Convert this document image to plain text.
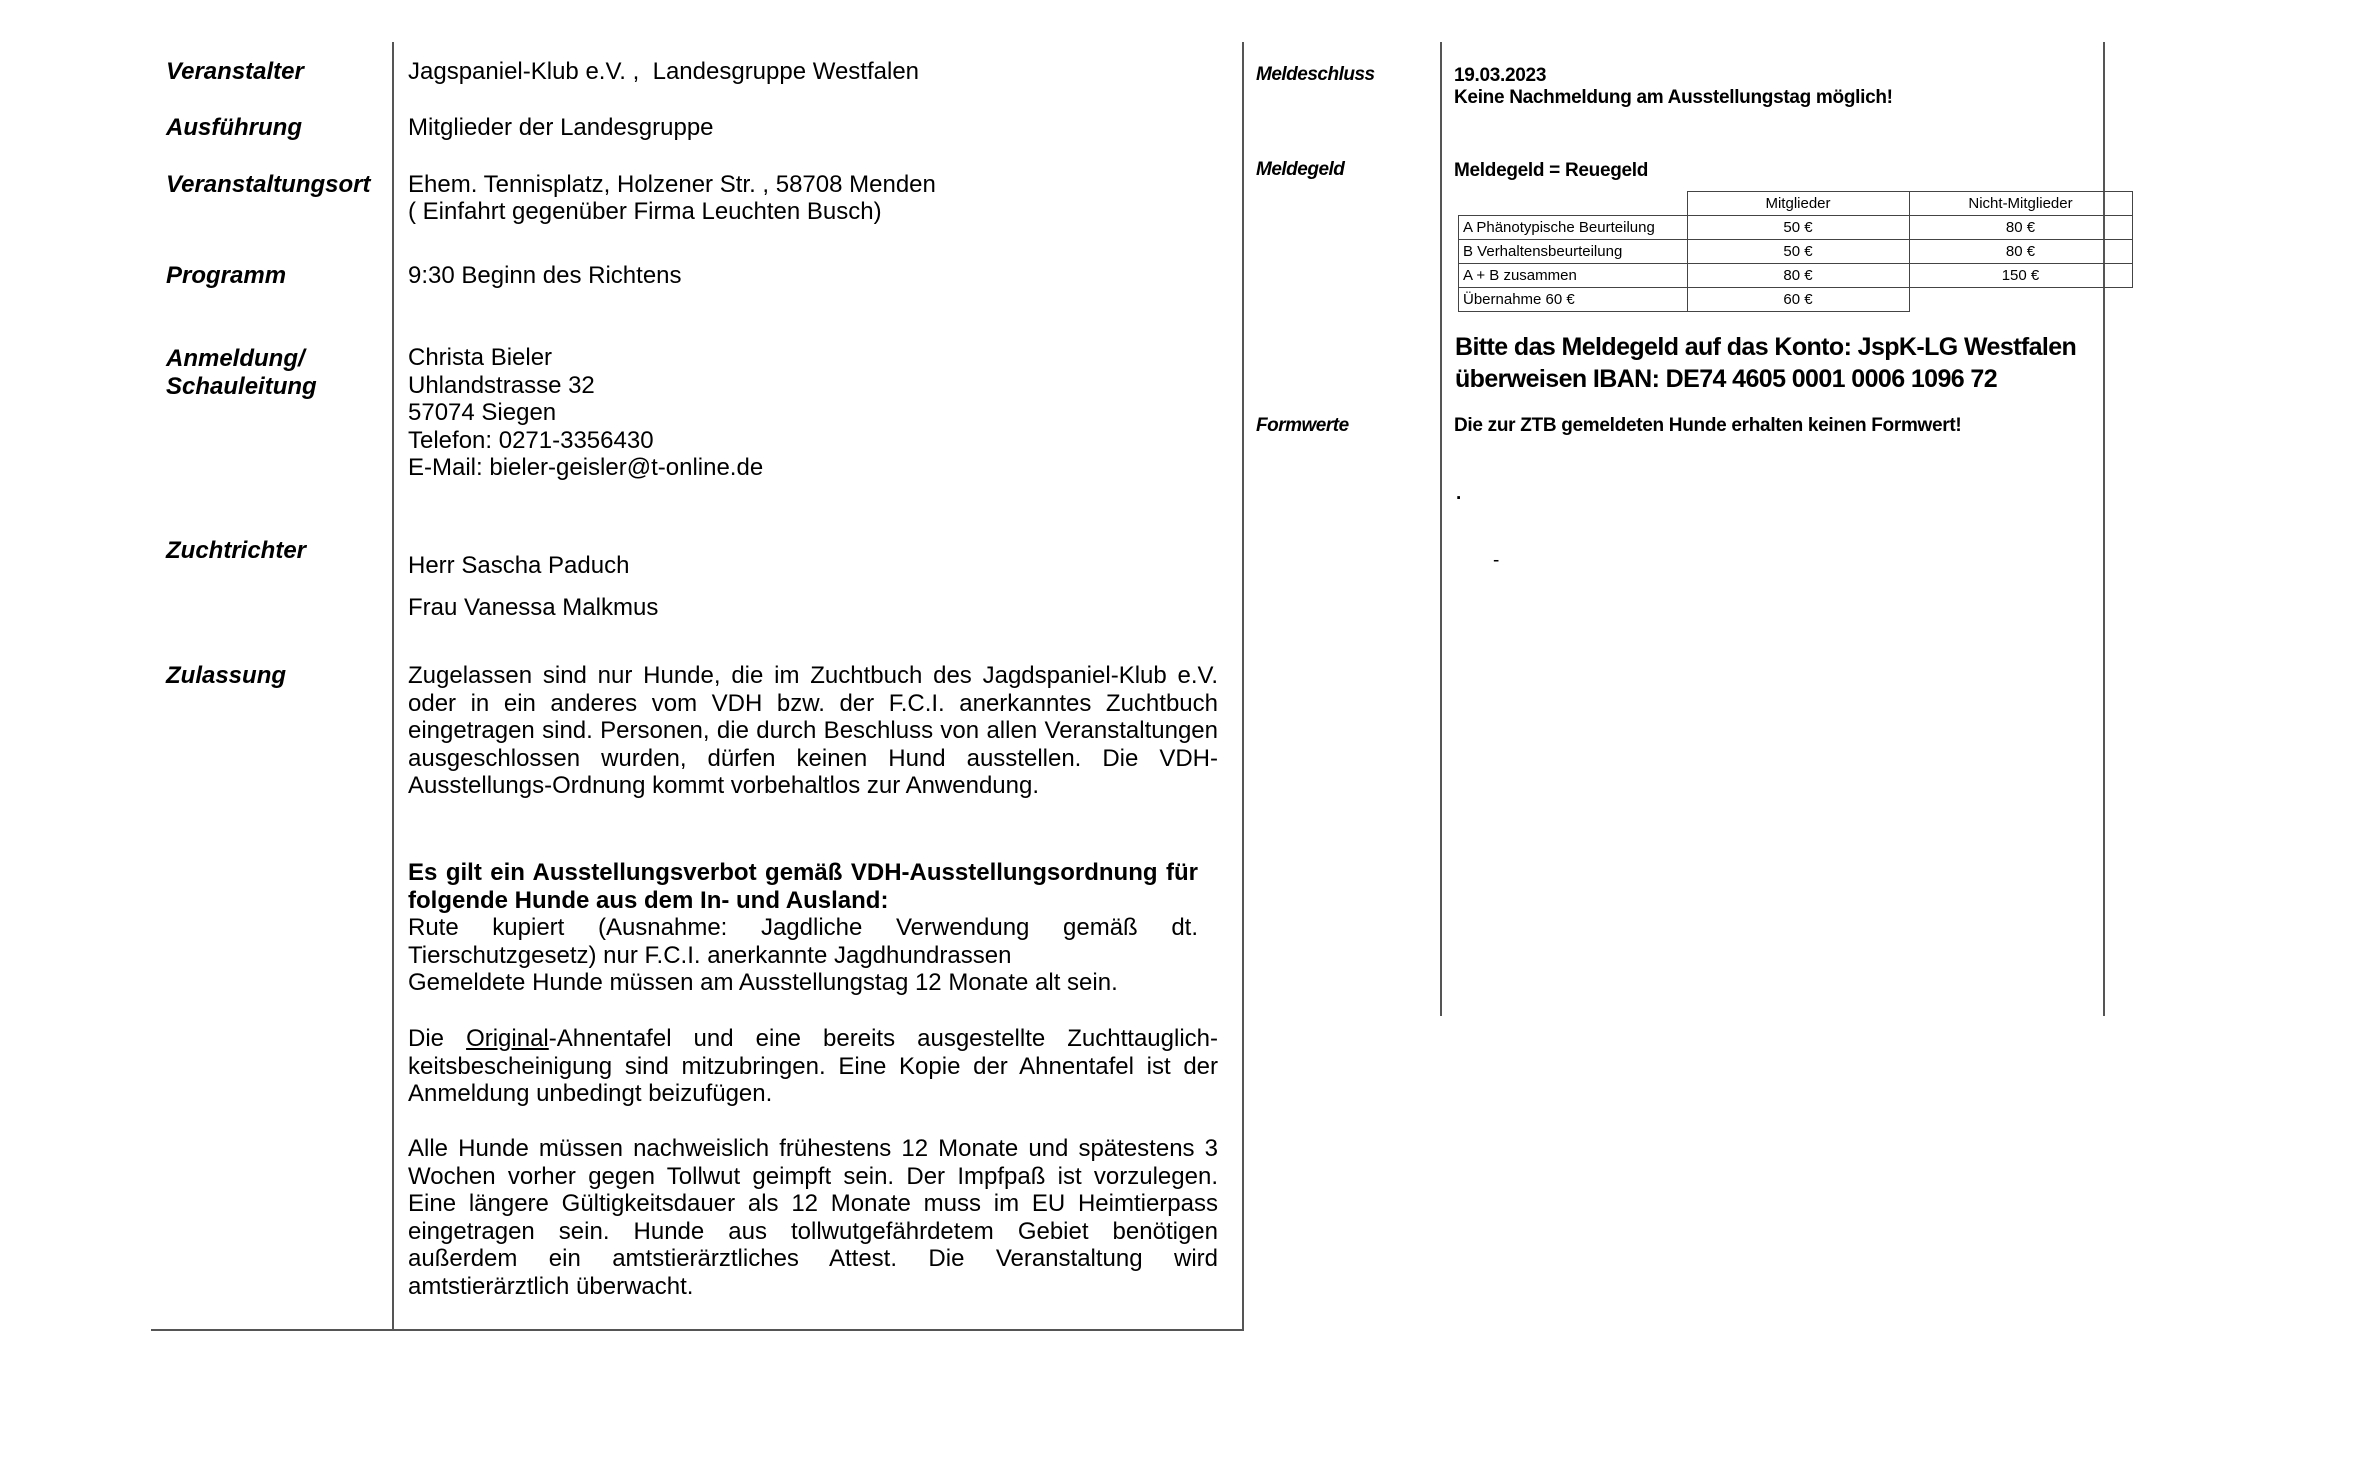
Veranstalter	Jagspaniel-Klub e.V. ,  Landesgruppe Westfalen
Ausführung	Mitglieder der Landesgruppe
Veranstaltungsort Ehem. Tennisplatz, Holzener Str. , 58708 Menden
( Einfahrt gegenüber Firma Leuchten Busch)
Programm	9:30 Beginn des Richtens
Anmeldung/
Schauleitung
Christa Bieler
Uhlandstrasse 32
57074 Siegen
Telefon: 0271-3356430
E-Mail: bieler-geisler@t-online.de
Zuchtrichter
Herr Sascha Paduch
Frau Vanessa Malkmus
Zulassung	Zugelassen sind nur Hunde, die im Zuchtbuch des Jagdspaniel-Klub e.V. oder in ein anderes vom VDH bzw. der F.C.I. anerkanntes Zuchtbuch eingetragen sind. Personen, die durch Beschluss von allen Veranstaltungen ausgeschlossen wurden, dürfen keinen Hund ausstellen. Die VDH-Ausstellungs-Ordnung kommt vorbehaltlos zur Anwendung.
Es gilt ein Ausstellungsverbot gemäß VDH-Ausstellungsordnung für folgende Hunde aus dem In- und Ausland:
Rute kupiert (Ausnahme: Jagdliche Verwendung gemäß dt. Tierschutzgesetz) nur F.C.I. anerkannte Jagdhundrassen
Gemeldete Hunde müssen am Ausstellungstag 12 Monate alt sein.
Die Original-Ahnentafel und eine bereits ausgestellte Zuchttauglich-keitsbescheinigung sind mitzubringen. Eine Kopie der Ahnentafel ist der Anmeldung unbedingt beizufügen.
Alle Hunde müssen nachweislich frühestens 12 Monate und spätestens 3 Wochen vorher gegen Tollwut geimpft sein. Der Impfpaß ist vorzulegen. Eine längere Gültigkeitsdauer als 12 Monate muss im EU Heimtierpass eingetragen sein. Hunde aus tollwutgefährdetem Gebiet benötigen außerdem ein amtstierärztliches Attest. Die Veranstaltung wird amtstierärztlich überwacht.
Meldeschluss	19.03.2023
Keine Nachmeldung am Ausstellungstag möglich!
Meldegeld	Meldegeld = Reuegeld
	Mitglieder	Nicht-Mitglieder
A Phänotypische Beurteilung	50 €	80 €
B Verhaltensbeurteilung	50 €	80 €
A + B zusammen	80 €	150 €
Übernahme 60 €	60 €	
Bitte das Meldegeld auf das Konto: JspK-LG Westfalen
überweisen IBAN: DE74 4605 0001 0006 1096 72
Formwerte	Die zur ZTB gemeldeten Hunde erhalten keinen Formwert!
.
-
